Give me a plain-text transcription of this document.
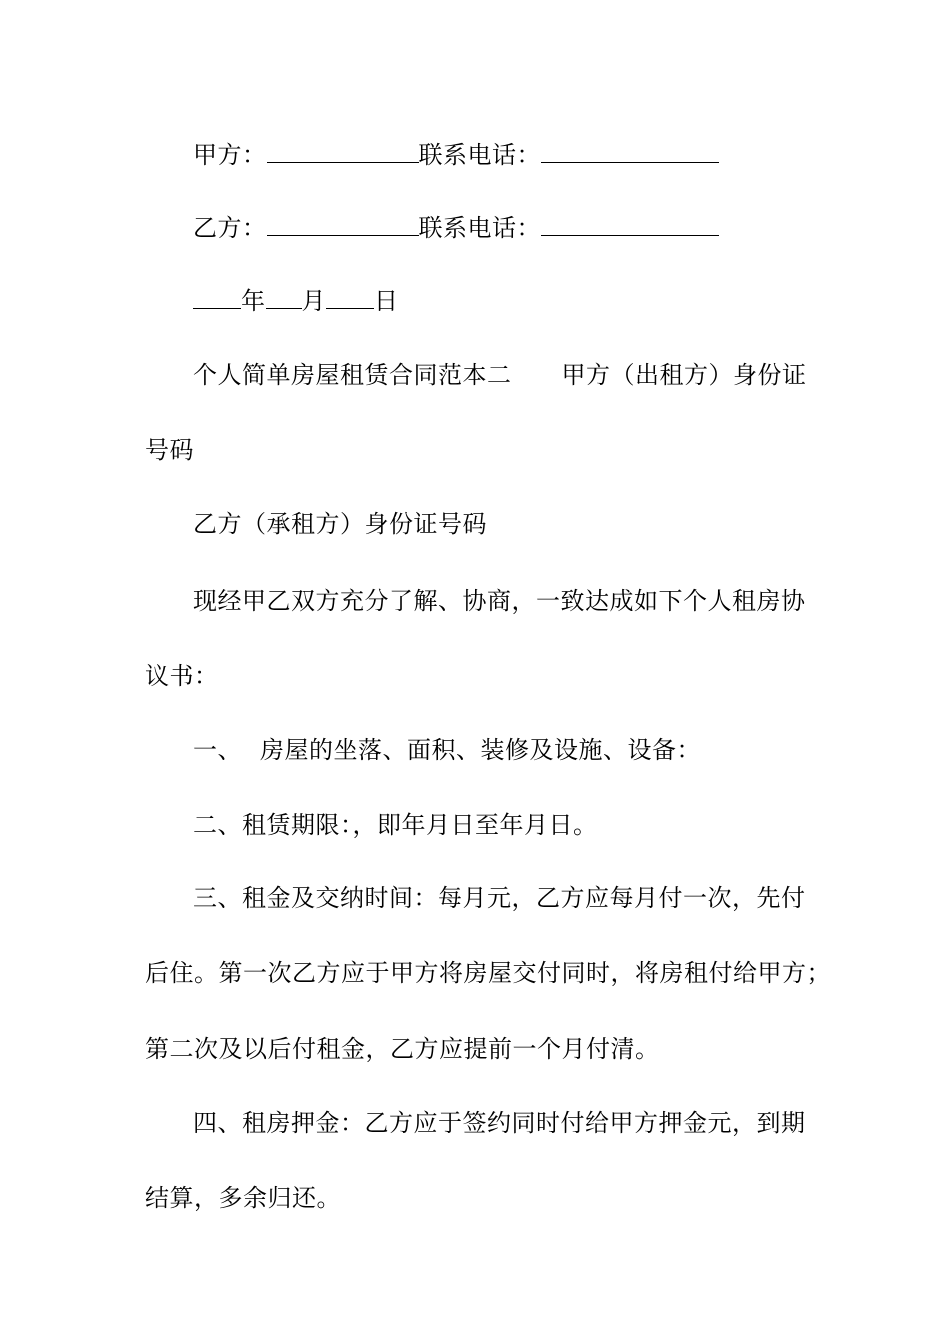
甲方：	联系电话：
乙方：	联系电话：
年 月 日
个人简单房屋租赁合同范本二 甲方（出租方）身份证
号码
乙方（承租方）身份证号码
现经甲乙双方充分了解、协商，一致达成如下个人租房协
议书：
一、 房屋的坐落、面积、装修及设施、设备：
二、租赁期限：，即年月日至年月日。
三、租金及交纳时间：每月元，乙方应每月付一次，先付
后住。第一次乙方应于甲方将房屋交付同时，将房租付给甲方；
第二次及以后付租金，乙方应提前一个月付清。
四、租房押金：乙方应于签约同时付给甲方押金元，到期
结算，多余归还。
